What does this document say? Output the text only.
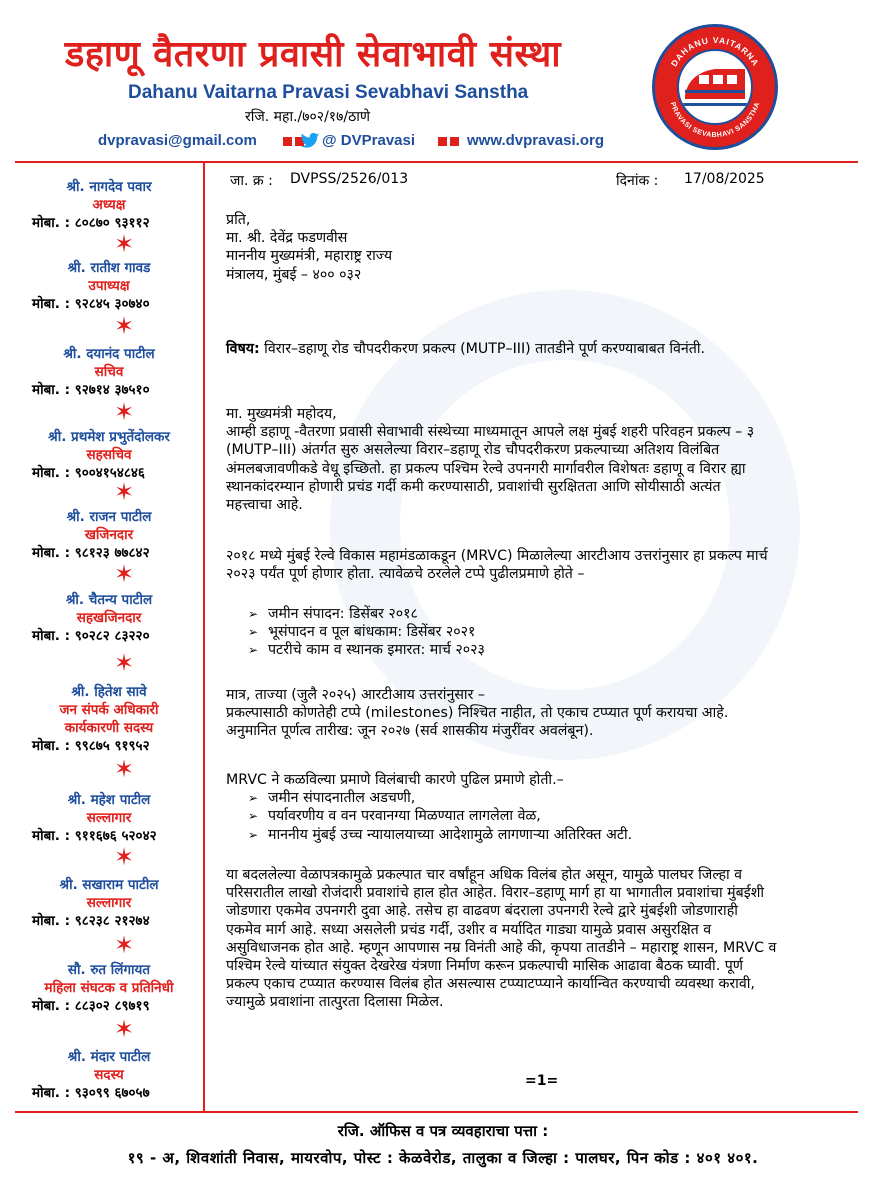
डहाणू वैतरणा प्रवासी सेवाभावी संस्था
Dahanu Vaitarna Pravasi Sevabhavi Sanstha
रजि. महा./७०२/१७/ठाणे
dvpravasi@gmail.com	@ DVPravasi	www.dvpravasi.org
DAHANU VAITARNA
PRAVASI SEVABHAVI SANSTHA
श्री. नागदेव पवार
अध्यक्ष
मोबा. : ८०८७० ९३११२
✶
श्री. रातीश गावड
उपाध्यक्ष
मोबा. : ९२८४५ ३०७४०
✶
श्री. दयानंद पाटील
सचिव
मोबा. : ९२७१४ ३७५१०
✶
श्री. प्रथमेश प्रभुतेंदोलकर
सहसचिव
मोबा. : ९००४१५४८४६
✶
श्री. राजन पाटील
खजिनदार
मोबा. : ९८१२३ ७७८४२
✶
श्री. चैतन्य पाटील
सहखजिनदार
मोबा. : ९०२८२ ८३२२०
✶
श्री. हितेश सावे
जन संपर्क अधिकारी
कार्यकारणी सदस्य
मोबा. : ९९८७५ ९१९५२
✶
श्री. महेश पाटील
सल्लागार
मोबा. : ९११६७६ ५२०४२
✶
श्री. सखाराम पाटील
सल्लागार
मोबा. : ९८२३८ २१२७४
✶
सौ. रुत लिंगायत
महिला संघटक व प्रतिनिधी
मोबा. : ८८३०२ ८९७१९
✶
श्री. मंदार पाटील
सदस्य
मोबा. : ९३०९९ ६७०५७
जा. क्र : DVPSS/2526/013	दिनांक : 17/08/2025
प्रति,
मा. श्री. देवेंद्र फडणवीस
माननीय मुख्यमंत्री, महाराष्ट्र राज्य
मंत्रालय, मुंबई – ४०० ०३२
विषय: विरार–डहाणू रोड चौपदरीकरण प्रकल्प (MUTP–III) तातडीने पूर्ण करण्याबाबत विनंती.
मा. मुख्यमंत्री महोदय,
आम्ही डहाणू -वैतरणा प्रवासी सेवाभावी संस्थेच्या माध्यमातून आपले लक्ष मुंबई शहरी परिवहन प्रकल्प – ३
(MUTP–III) अंतर्गत सुरु असलेल्या विरार–डहाणू रोड चौपदरीकरण प्रकल्पाच्या अतिशय विलंबित
अंमलबजावणीकडे वेधू इच्छितो. हा प्रकल्प पश्चिम रेल्वे उपनगरी मार्गावरील विशेषतः डहाणू व विरार ह्या
स्थानकांदरम्यान होणारी प्रचंड गर्दी कमी करण्यासाठी, प्रवाशांची सुरक्षितता आणि सोयीसाठी अत्यंत
महत्त्वाचा आहे.
२०१८ मध्ये मुंबई रेल्वे विकास महामंडळाकडून (MRVC) मिळालेल्या आरटीआय उत्तरांनुसार हा प्रकल्प मार्च
२०२३ पर्यंत पूर्ण होणार होता. त्यावेळचे ठरलेले टप्पे पुढीलप्रमाणे होते –
➢ जमीन संपादन: डिसेंबर २०१८
➢ भूसंपादन व पूल बांधकाम: डिसेंबर २०२१
➢ पटरीचे काम व स्थानक इमारत: मार्च २०२३
मात्र, ताज्या (जुलै २०२५) आरटीआय उत्तरांनुसार –
प्रकल्पासाठी कोणतेही टप्पे (milestones) निश्चित नाहीत, तो एकाच टप्प्यात पूर्ण करायचा आहे.
अनुमानित पूर्णत्व तारीख: जून २०२७ (सर्व शासकीय मंजुरींवर अवलंबून).
MRVC ने कळविल्या प्रमाणे विलंबाची कारणे पुढिल प्रमाणे होती.–
➢ जमीन संपादनातील अडचणी,
➢ पर्यावरणीय व वन परवानग्या मिळण्यात लागलेला वेळ,
➢ माननीय मुंबई उच्च न्यायालयाच्या आदेशामुळे लागणाऱ्या अतिरिक्त अटी.
या बदललेल्या वेळापत्रकामुळे प्रकल्पात चार वर्षांहून अधिक विलंब होत असून, यामुळे पालघर जिल्हा व
परिसरातील लाखो रोजंदारी प्रवाशांचे हाल होत आहेत. विरार–डहाणू मार्ग हा या भागातील प्रवाशांचा मुंबईशी
जोडणारा एकमेव उपनगरी दुवा आहे. तसेच हा वाढवण बंदराला उपनगरी रेल्वे द्वारे मुंबईशी जोडणाराही
एकमेव मार्ग आहे. सध्या असलेली प्रचंड गर्दी, उशीर व मर्यादित गाड्या यामुळे प्रवास असुरक्षित व
असुविधाजनक होत आहे. म्हणून आपणास नम्र विनंती आहे की, कृपया तातडीने – महाराष्ट्र शासन, MRVC व
पश्चिम रेल्वे यांच्यात संयुक्त देखरेख यंत्रणा निर्माण करून प्रकल्पाची मासिक आढावा बैठक घ्यावी. पूर्ण
प्रकल्प एकाच टप्प्यात करण्यास विलंब होत असल्यास टप्प्याटप्प्याने कार्यान्वित करण्याची व्यवस्था करावी,
ज्यामुळे प्रवाशांना तात्पुरता दिलासा मिळेल.
=1=
रजि. ऑफिस व पत्र व्यवहाराचा पत्ता :
१९ - अ, शिवशांती निवास, मायरवोप, पोस्ट : केळवेरोड, तालुका व जिल्हा : पालघर, पिन कोड : ४०१ ४०१.
